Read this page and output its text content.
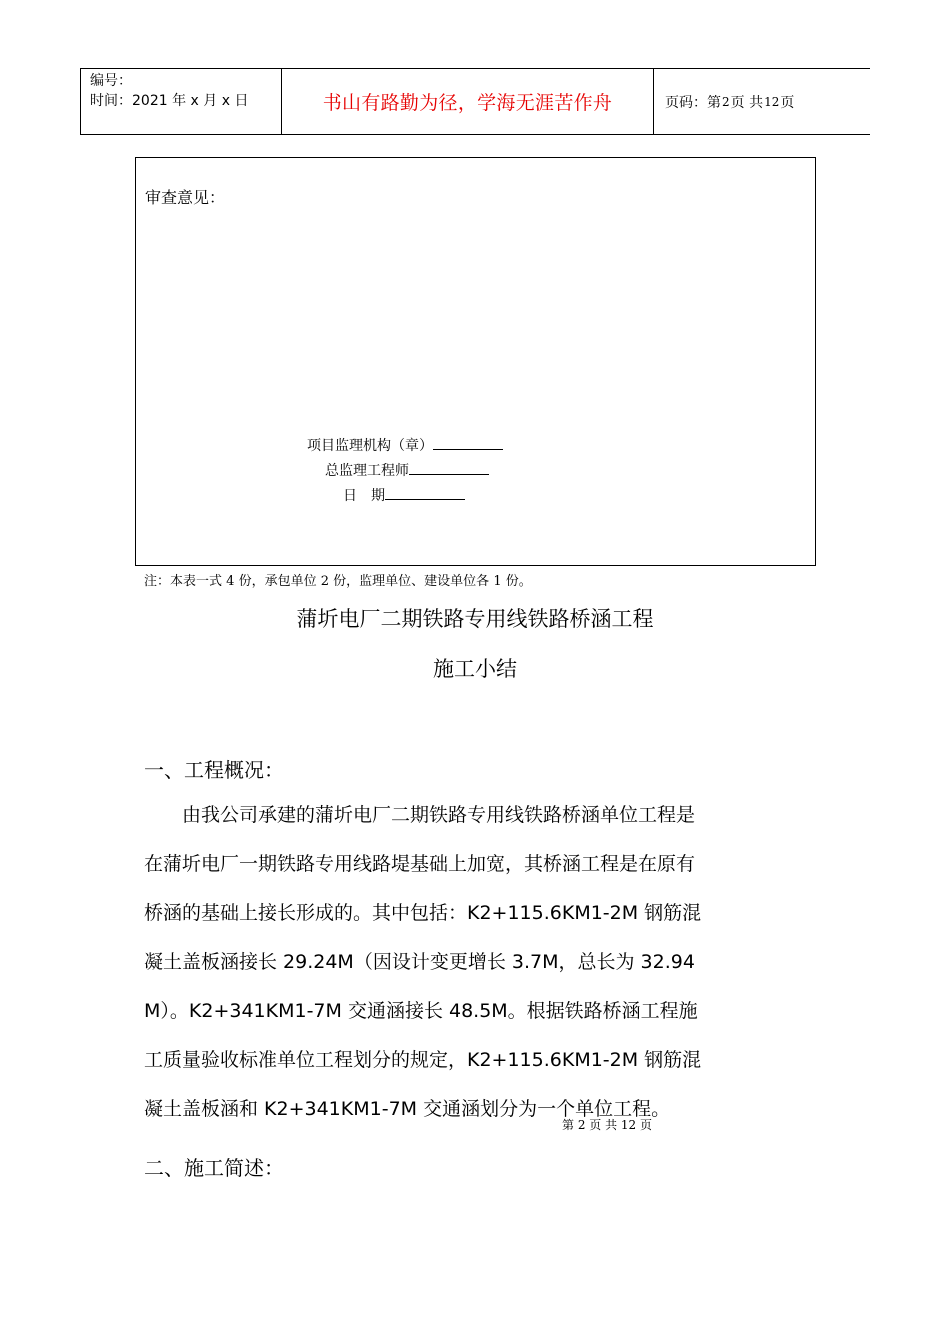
编号：
时间：2021 年 x 月 x 日	书山有路勤为径，学海无涯苦作舟	页码：第 2 页 共 12 页
审查意见：
项目监理机构（章）
总监理工程师
日　期
注：本表一式 4 份，承包单位 2 份，监理单位、建设单位各 1 份。
蒲圻电厂二期铁路专用线铁路桥涵工程
施工小结
一、工程概况：
　　由我公司承建的蒲圻电厂二期铁路专用线铁路桥涵单位工程是
在蒲圻电厂一期铁路专用线路堤基础上加宽，其桥涵工程是在原有
桥涵的基础上接长形成的。其中包括：K2+115.6KM1-2M 钢筋混
凝土盖板涵接长 29.24M（因设计变更增长 3.7M，总长为 32.94
M）。K2+341KM1-7M 交通涵接长 48.5M。根据铁路桥涵工程施
工质量验收标准单位工程划分的规定，K2+115.6KM1-2M 钢筋混
凝土盖板涵和 K2+341KM1-7M 交通涵划分为一个单位工程。
第 2 页 共 12 页
二、施工简述：
